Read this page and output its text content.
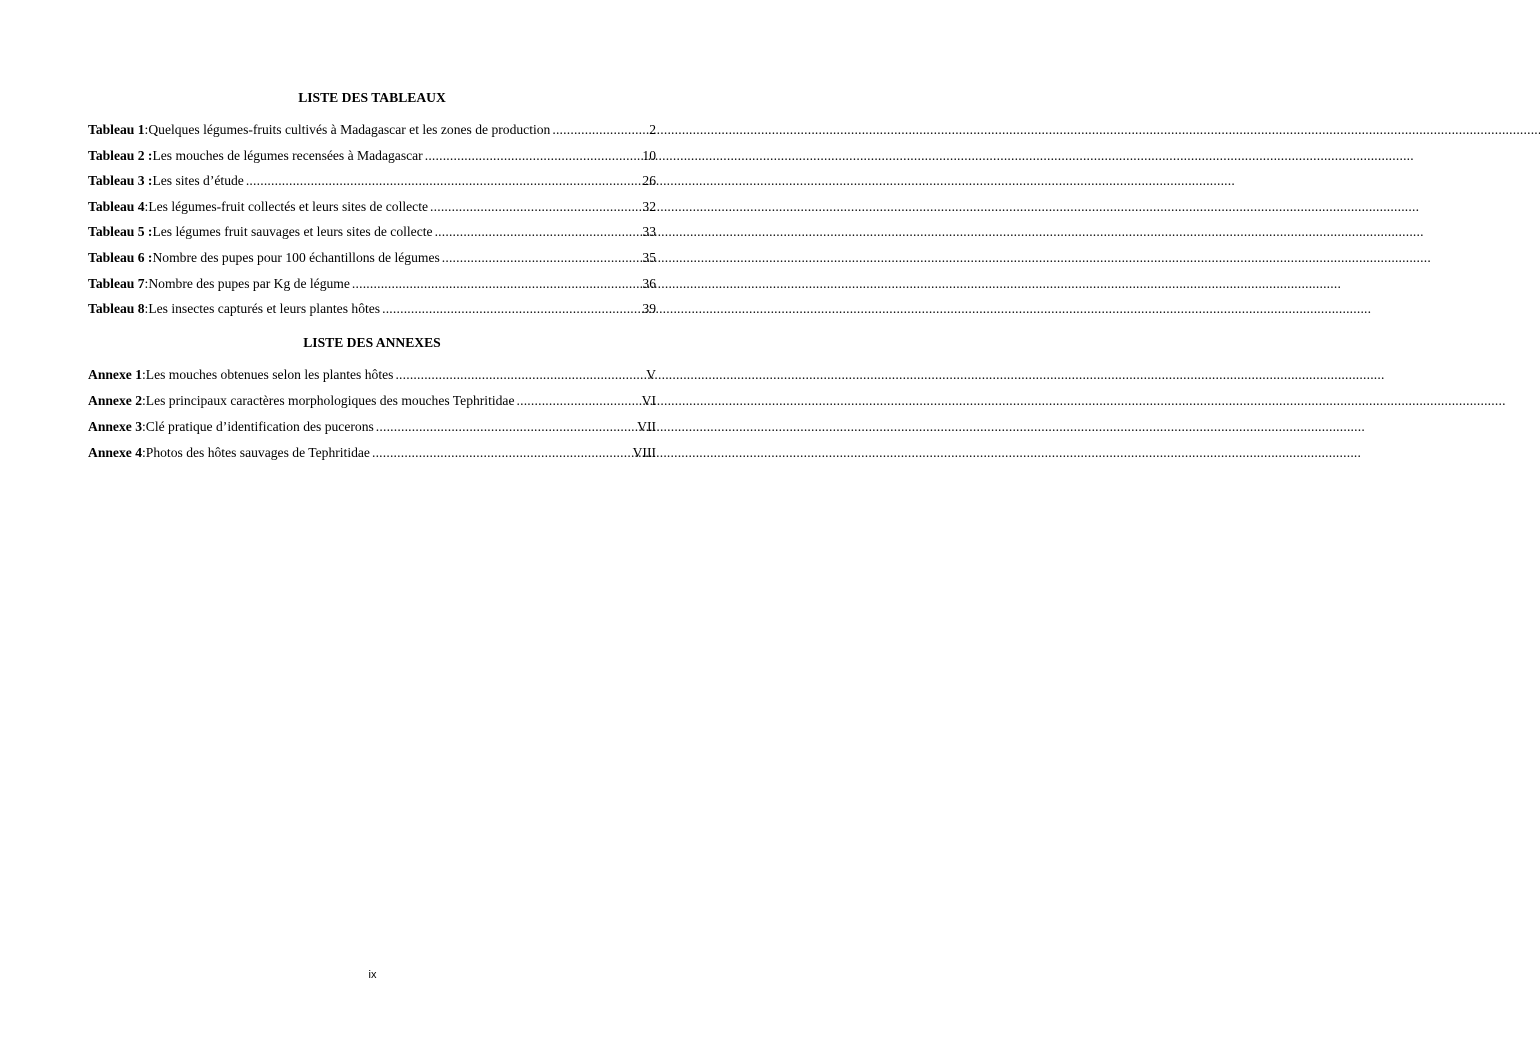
LISTE DES TABLEAUX
Tableau 1 : Quelques légumes-fruits cultivés à Madagascar et les zones de production . . .	2
Tableau 2 : Les mouches de légumes recensées à Madagascar . . .	10
Tableau 3 : Les sites d’étude . . .	26
Tableau 4 : Les légumes-fruit collectés et leurs sites de collecte . . .	32
Tableau 5 : Les légumes fruit sauvages et leurs sites de collecte . . .	33
Tableau 6 : Nombre des pupes pour 100 échantillons de légumes . . .	35
Tableau 7 : Nombre des pupes par Kg de légume . . .	36
Tableau 8 : Les insectes capturés et leurs plantes hôtes . . .	39
LISTE DES ANNEXES
Annexe 1 : Les mouches obtenues selon les plantes hôtes . . .	V
Annexe 2 : Les principaux caractères morphologiques des mouches Tephritidae . . .	VI
Annexe 3 : Clé pratique d’identification des pucerons . . .	VII
Annexe 4 : Photos des hôtes sauvages de Tephritidae . . .	VIII
ix
